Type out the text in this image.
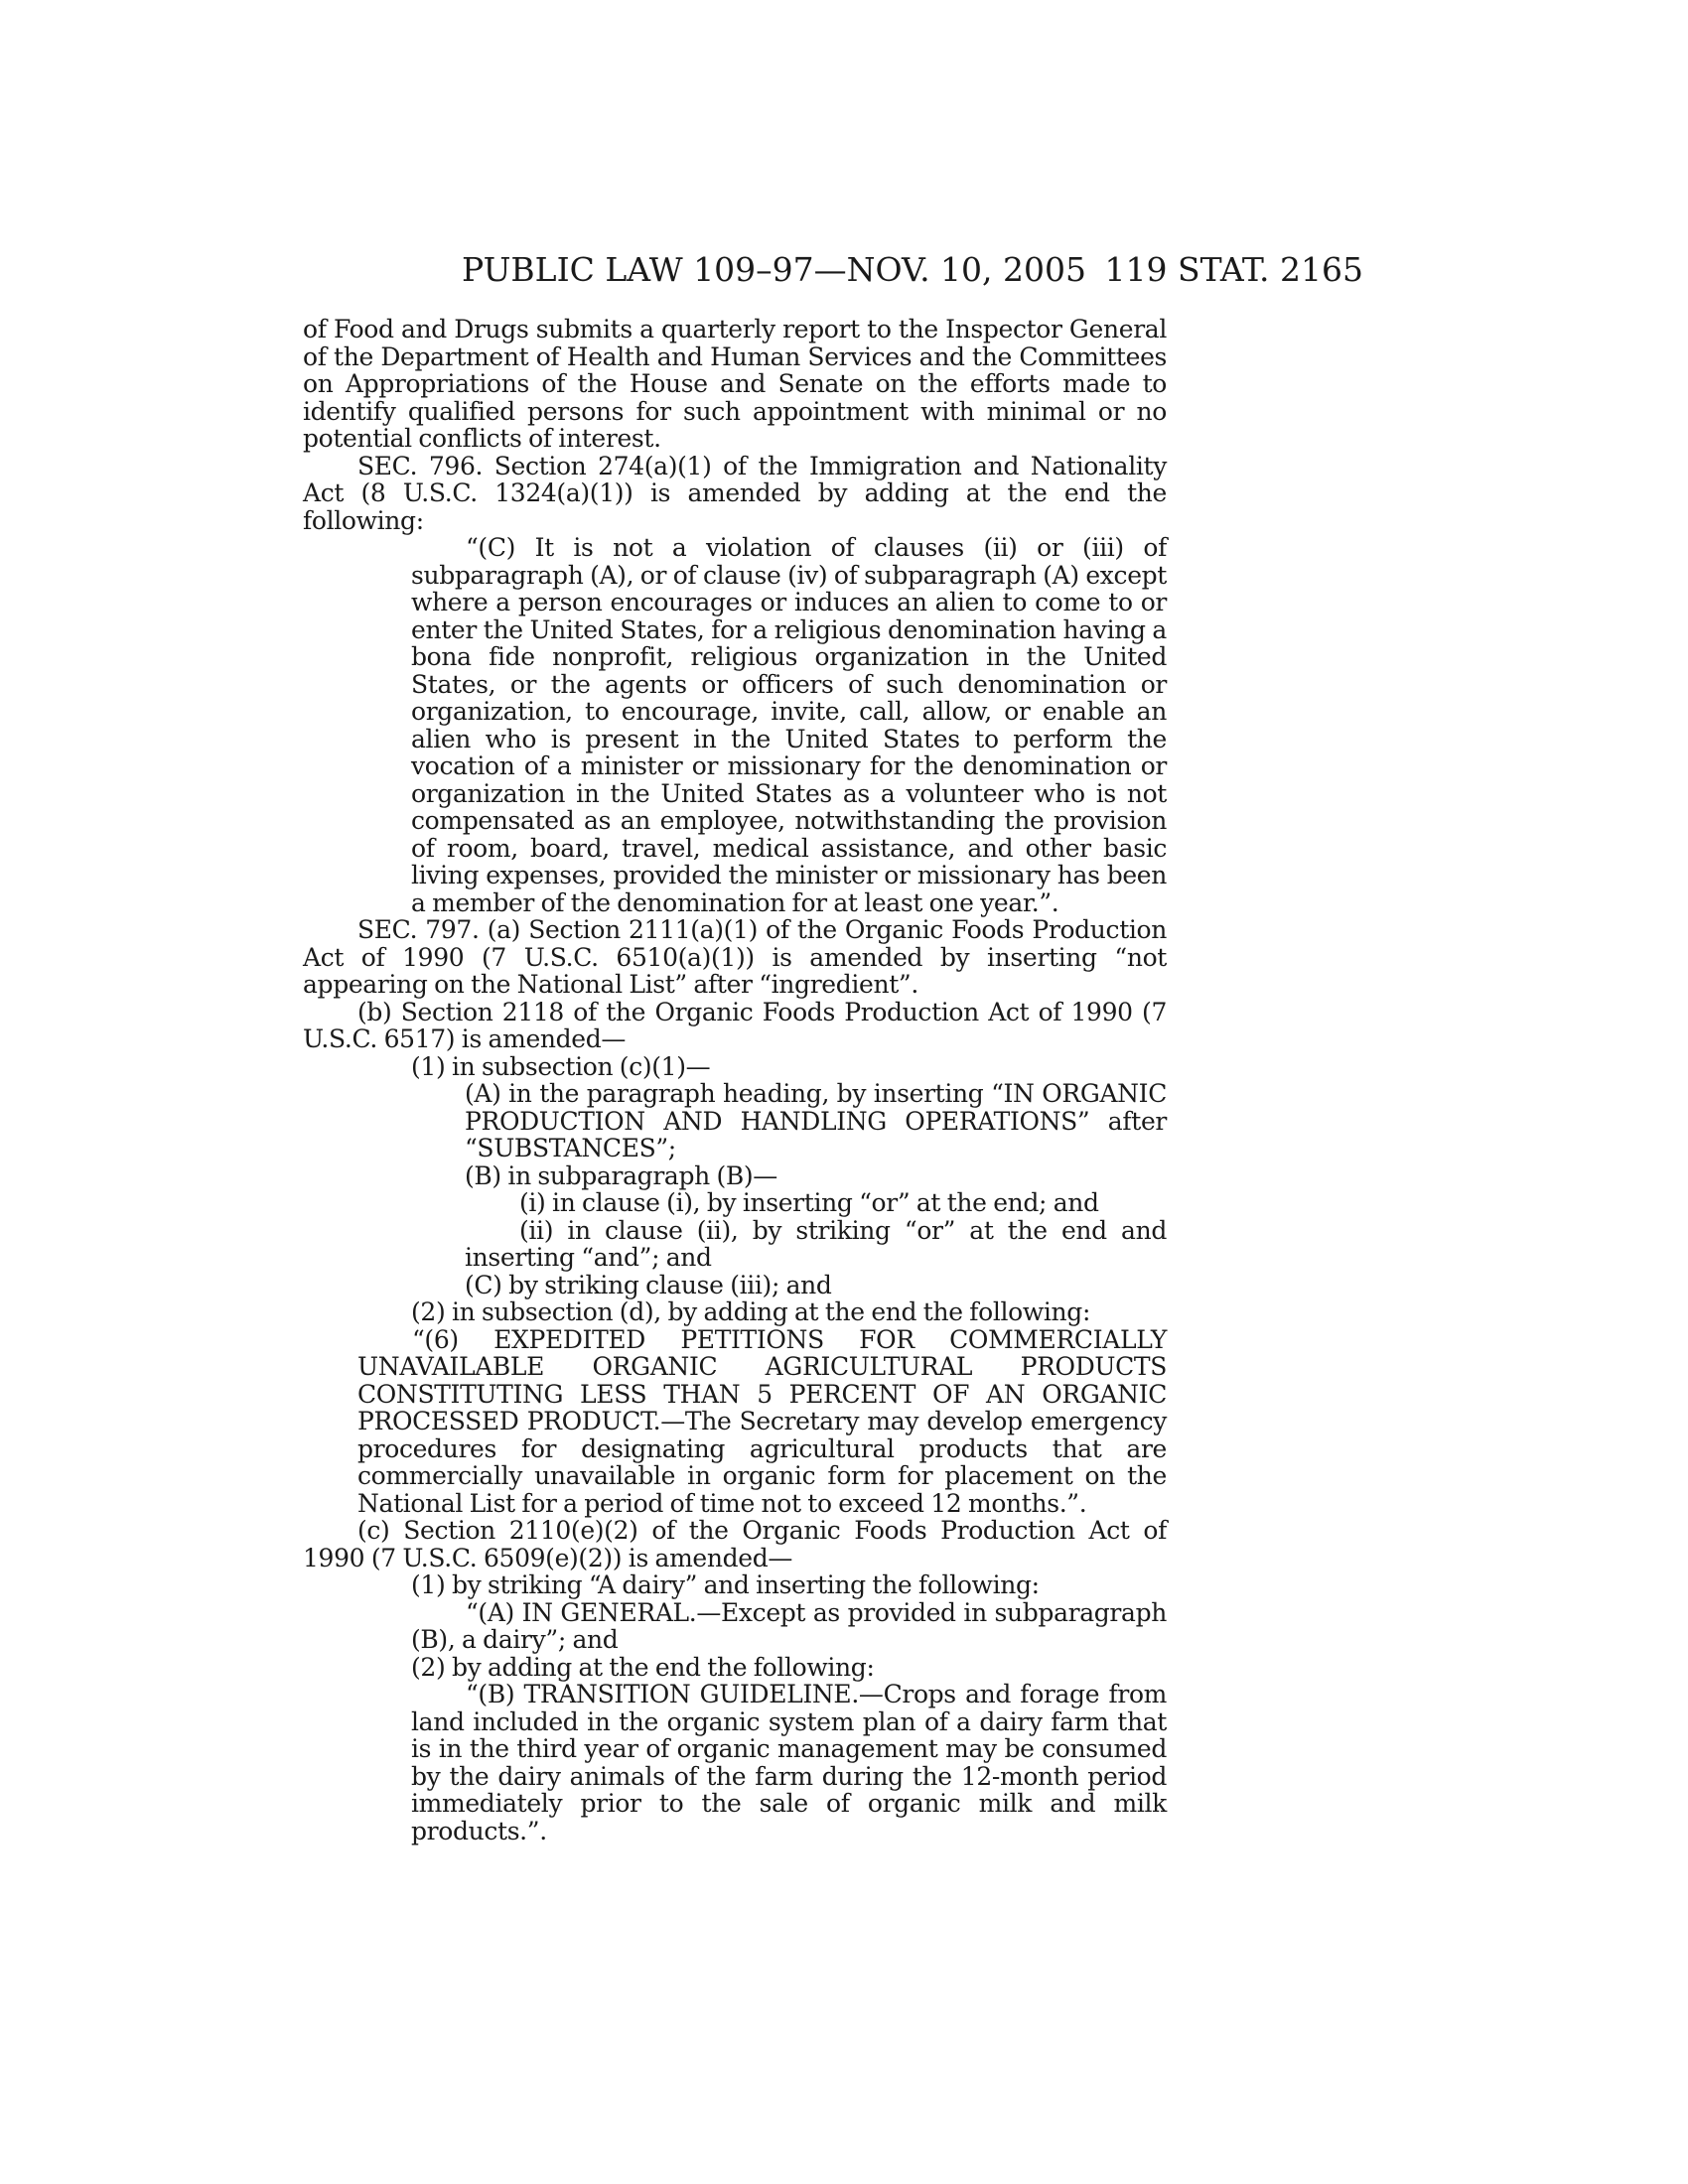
PUBLIC LAW 109–97—NOV. 10, 2005 119 STAT. 2165

of Food and Drugs submits a quarterly report to the Inspector General of the Department of Health and Human Services and the Committees on Appropriations of the House and Senate on the efforts made to identify qualified persons for such appointment with minimal or no potential conflicts of interest.

SEC. 796. Section 274(a)(1) of the Immigration and Nationality Act (8 U.S.C. 1324(a)(1)) is amended by adding at the end the following:

“(C) It is not a violation of clauses (ii) or (iii) of subparagraph (A), or of clause (iv) of subparagraph (A) except where a person encourages or induces an alien to come to or enter the United States, for a religious denomination having a bona fide nonprofit, religious organization in the United States, or the agents or officers of such denomination or organization, to encourage, invite, call, allow, or enable an alien who is present in the United States to perform the vocation of a minister or missionary for the denomination or organization in the United States as a volunteer who is not compensated as an employee, notwithstanding the provision of room, board, travel, medical assistance, and other basic living expenses, provided the minister or missionary has been a member of the denomination for at least one year.”.

SEC. 797. (a) Section 2111(a)(1) of the Organic Foods Production Act of 1990 (7 U.S.C. 6510(a)(1)) is amended by inserting “not appearing on the National List” after “ingredient”.

(b) Section 2118 of the Organic Foods Production Act of 1990 (7 U.S.C. 6517) is amended—

(1) in subsection (c)(1)—

(A) in the paragraph heading, by inserting “IN ORGANIC PRODUCTION AND HANDLING OPERATIONS” after “SUBSTANCES”;

(B) in subparagraph (B)—

(i) in clause (i), by inserting “or” at the end; and

(ii) in clause (ii), by striking “or” at the end and inserting “and”; and

(C) by striking clause (iii); and

(2) in subsection (d), by adding at the end the following:

“(6) EXPEDITED PETITIONS FOR COMMERCIALLY UNAVAILABLE ORGANIC AGRICULTURAL PRODUCTS CONSTITUTING LESS THAN 5 PERCENT OF AN ORGANIC PROCESSED PRODUCT.—The Secretary may develop emergency procedures for designating agricultural products that are commercially unavailable in organic form for placement on the National List for a period of time not to exceed 12 months.”.

(c) Section 2110(e)(2) of the Organic Foods Production Act of 1990 (7 U.S.C. 6509(e)(2)) is amended—

(1) by striking “A dairy” and inserting the following:

“(A) IN GENERAL.—Except as provided in subparagraph (B), a dairy”; and

(2) by adding at the end the following:

“(B) TRANSITION GUIDELINE.—Crops and forage from land included in the organic system plan of a dairy farm that is in the third year of organic management may be consumed by the dairy animals of the farm during the 12-month period immediately prior to the sale of organic milk and milk products.”.
